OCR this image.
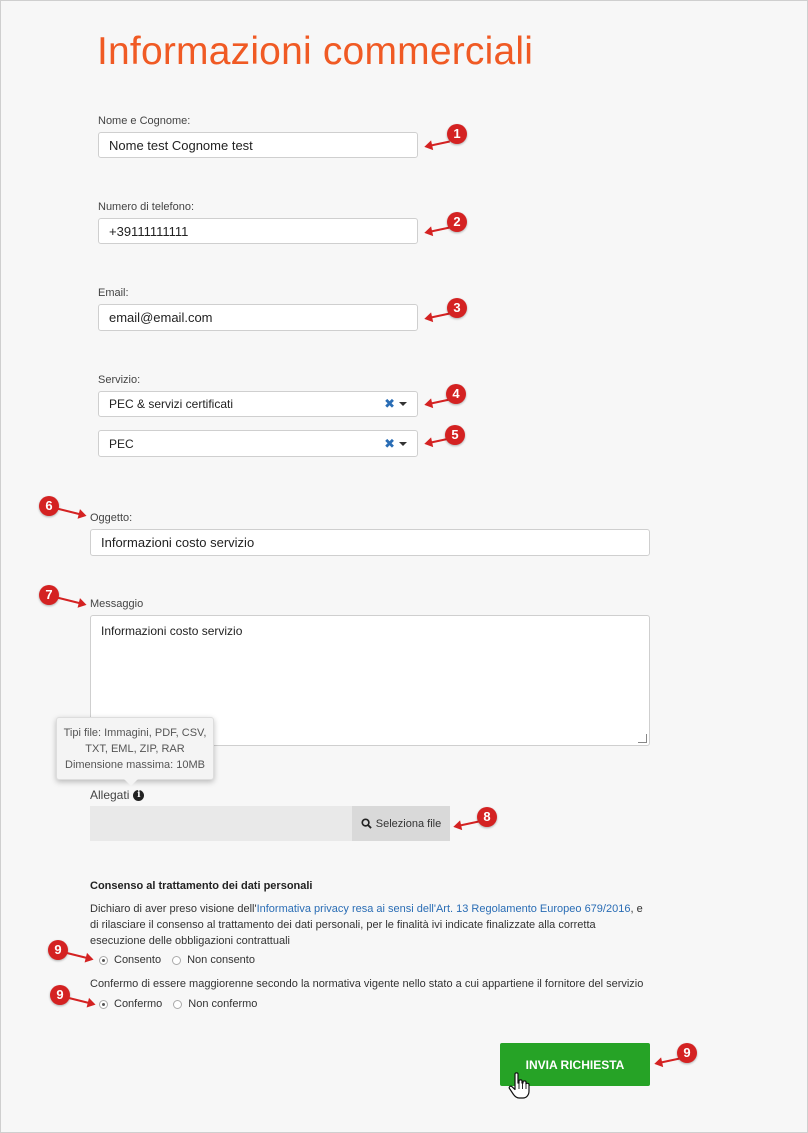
Informazioni commerciali
Nome e Cognome:
Nome test Cognome test
Numero di telefono:
+39111111111
Email:
email@email.com
Servizio:
PEC & servizi certificati	✖
PEC	✖
Oggetto:
Informazioni costo servizio
Messaggio
Informazioni costo servizio
Tipi file: Immagini, PDF, CSV,
TXT, EML, ZIP, RAR
Dimensione massima: 10MB
Allegati i
Seleziona file
Consenso al trattamento dei dati personali
Dichiaro di aver preso visione dell'Informativa privacy resa ai sensi dell'Art. 13 Regolamento Europeo 679/2016, e
di rilasciare il consenso al trattamento dei dati personali, per le finalità ivi indicate finalizzate alla corretta
esecuzione delle obbligazioni contrattuali
Consento Non consento
Confermo di essere maggiorenne secondo la normativa vigente nello stato a cui appartiene il fornitore del servizio
Confermo Non confermo
INVIA RICHIESTA
1
2
3
4
5
6
7
8
9
9
9
